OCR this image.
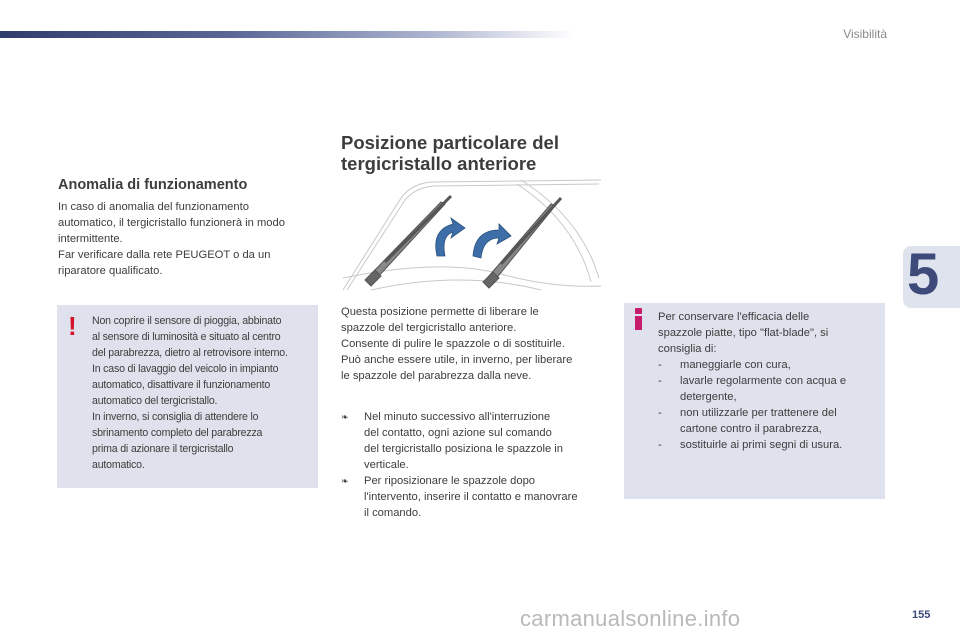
Visibilità
5
Posizione particolare del
tergicristallo anteriore
Anomalia di funzionamento
In caso di anomalia del funzionamento
automatico, il tergicristallo funzionerà in modo
intermittente.
Far verificare dalla rete PEUGEOT o da un
riparatore qualificato.
! Non coprire il sensore di pioggia, abbinato
al sensore di luminosità e situato al centro
del parabrezza, dietro al retrovisore interno.
In caso di lavaggio del veicolo in impianto
automatico, disattivare il funzionamento
automatico del tergicristallo.
In inverno, si consiglia di attendere lo
sbrinamento completo del parabrezza
prima di azionare il tergicristallo
automatico.
Questa posizione permette di liberare le
spazzole del tergicristallo anteriore.
Consente di pulire le spazzole o di sostituirle.
Può anche essere utile, in inverno, per liberare
le spazzole del parabrezza dalla neve.
❧	Nel minuto successivo all'interruzione
del contatto, ogni azione sul comando
del tergicristallo posiziona le spazzole in
verticale.
❧	Per riposizionare le spazzole dopo
l'intervento, inserire il contatto e manovrare
il comando.
Per conservare l'efficacia delle
spazzole piatte, tipo "flat-blade", si
consiglia di:
-	maneggiarle con cura,
-	lavarle regolarmente con acqua e
detergente,
-	non utilizzarle per trattenere del
cartone contro il parabrezza,
-	sostituirle ai primi segni di usura.
carmanualsonline.info	155
